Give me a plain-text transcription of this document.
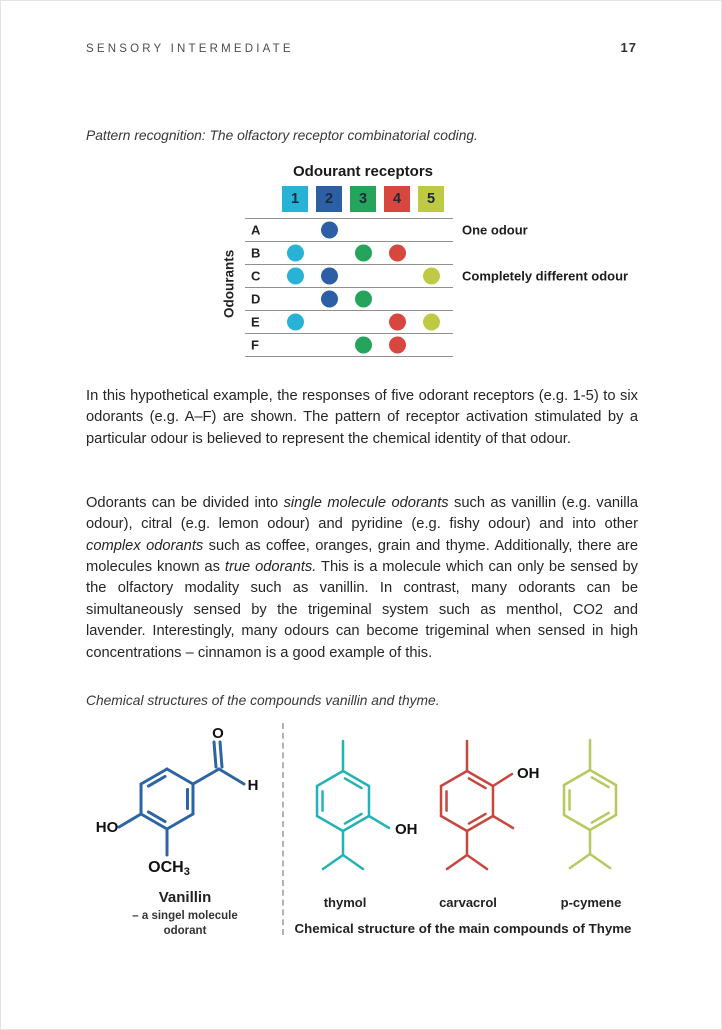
SENSORY INTERMEDIATE	17
Pattern recognition: The olfactory receptor combinatorial coding.
Odourant receptors
1	2	3	4	5
Odourants
A	One odour
B
C	Completely different odour
D
E
F

In this hypothetical example, the responses of five odorant receptors (e.g. 1-5) to six odorants (e.g. A–F) are shown. The pattern of receptor activation stimulated by a particular odour is believed to represent the chemical identity of that odour.

Odorants can be divided into single molecule odorants such as vanillin (e.g. vanilla odour), citral (e.g. lemon odour) and pyridine (e.g. fishy odour) and into other complex odorants such as coffee, oranges, grain and thyme. Additionally, there are molecules known as true odorants. This is a molecule which can only be sensed by the olfactory modality such as vanillin. In contrast, many odorants can be simultaneously sensed by the trigeminal system such as menthol, CO2 and lavender. Interestingly, many odours can become trigeminal when sensed in high concentrations – cinnamon is a good example of this.

Chemical structures of the compounds vanillin and thyme.
O
H
HO
OCH3
OH
OH
Vanillin
– a singel molecule
odorant
thymol	carvacrol	p-cymene
Chemical structure of the main compounds of Thyme
